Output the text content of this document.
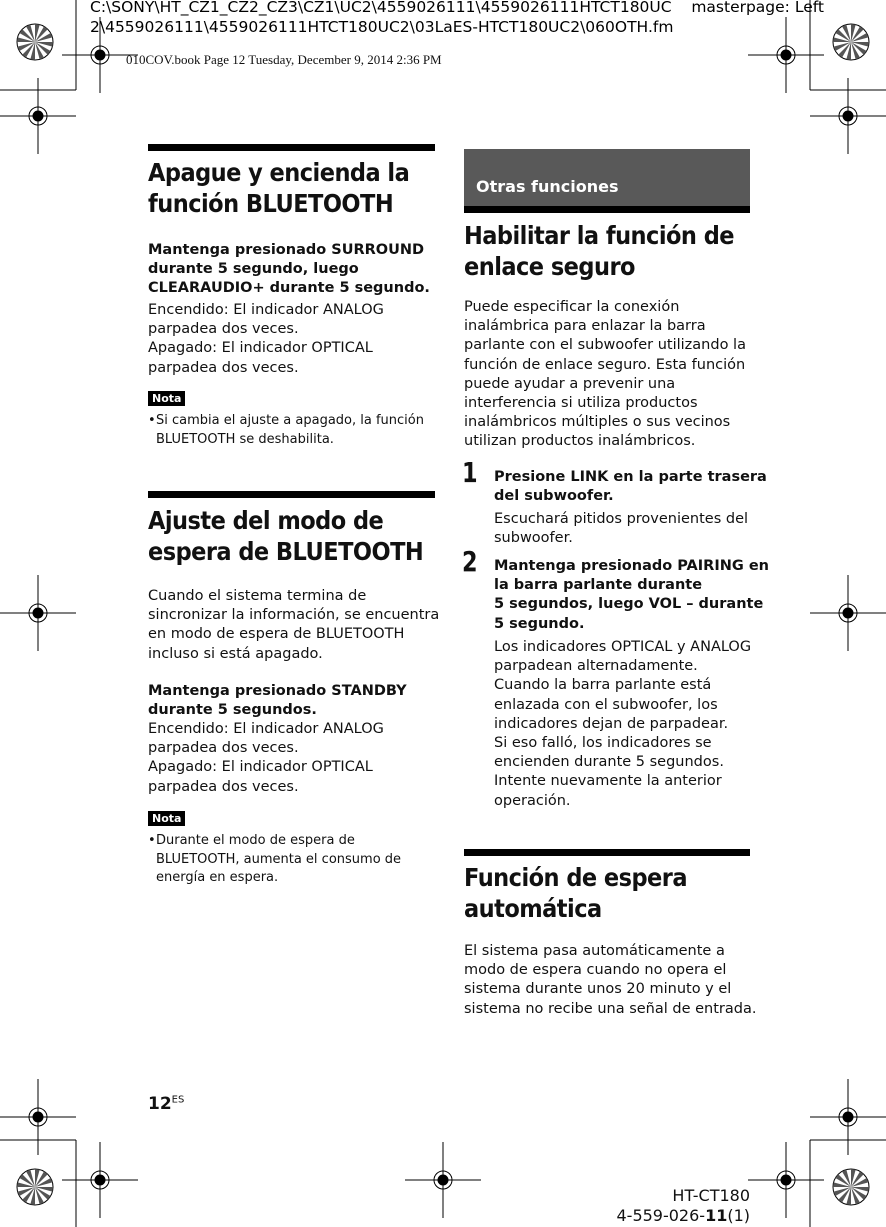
C:\SONY\HT_CZ1_CZ2_CZ3\CZ1\UC2\4559026111\4559026111HTCT180UC masterpage: Left
2\4559026111\4559026111HTCT180UC2\03LaES-HTCT180UC2\060OTH.fm
010COV.book Page 12 Tuesday, December 9, 2014 2:36 PM
Apague y encienda la
función BLUETOOTH
Mantenga presionado SURROUND
durante 5 segundo, luego
CLEARAUDIO+ durante 5 segundo.
Encendido: El indicador ANALOG
parpadea dos veces.
Apagado: El indicador OPTICAL
parpadea dos veces.
Nota
• Si cambia el ajuste a apagado, la función
BLUETOOTH se deshabilita.
Ajuste del modo de
espera de BLUETOOTH
Cuando el sistema termina de
sincronizar la información, se encuentra
en modo de espera de BLUETOOTH
incluso si está apagado.
Mantenga presionado STANDBY
durante 5 segundos.
Encendido: El indicador ANALOG
parpadea dos veces.
Apagado: El indicador OPTICAL
parpadea dos veces.
Nota
• Durante el modo de espera de
BLUETOOTH, aumenta el consumo de
energía en espera.
Otras funciones
Habilitar la función de
enlace seguro
Puede especificar la conexión
inalámbrica para enlazar la barra
parlante con el subwoofer utilizando la
función de enlace seguro. Esta función
puede ayudar a prevenir una
interferencia si utiliza productos
inalámbricos múltiples o sus vecinos
utilizan productos inalámbricos.
1 Presione LINK en la parte trasera
del subwoofer.
Escuchará pitidos provenientes del
subwoofer.
2 Mantenga presionado PAIRING en
la barra parlante durante
5 segundos, luego VOL – durante
5 segundo.
Los indicadores OPTICAL y ANALOG
parpadean alternadamente.
Cuando la barra parlante está
enlazada con el subwoofer, los
indicadores dejan de parpadear.
Si eso falló, los indicadores se
encienden durante 5 segundos.
Intente nuevamente la anterior
operación.
Función de espera
automática
El sistema pasa automáticamente a
modo de espera cuando no opera el
sistema durante unos 20 minuto y el
sistema no recibe una señal de entrada.
$12^{ES}$
HT-CT180
4-559-026-11(1)
